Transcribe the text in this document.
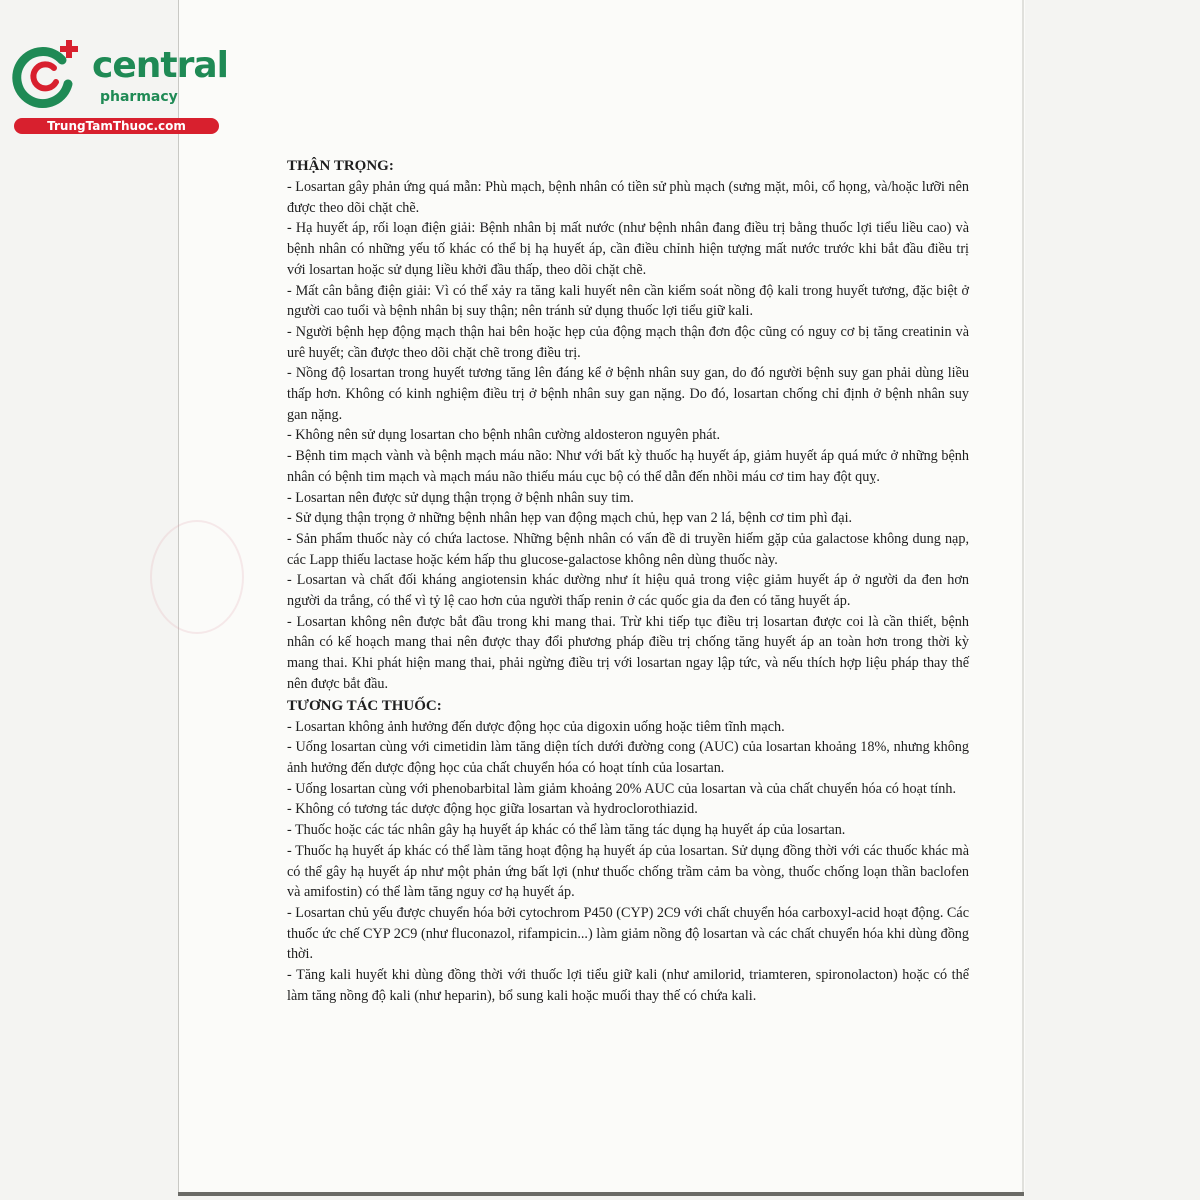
central
pharmacy
TrungTamThuoc.com
THẬN TRỌNG:

- Losartan gây phản ứng quá mẫn: Phù mạch, bệnh nhân có tiền sử phù mạch (sưng mặt, môi, cổ họng, và/hoặc lưỡi nên được theo dõi chặt chẽ.

- Hạ huyết áp, rối loạn điện giải: Bệnh nhân bị mất nước (như bệnh nhân đang điều trị bằng thuốc lợi tiểu liều cao) và bệnh nhân có những yếu tố khác có thể bị hạ huyết áp, cần điều chỉnh hiện tượng mất nước trước khi bắt đầu điều trị với losartan hoặc sử dụng liều khởi đầu thấp, theo dõi chặt chẽ.

- Mất cân bằng điện giải: Vì có thể xảy ra tăng kali huyết nên cần kiểm soát nồng độ kali trong huyết tương, đặc biệt ở người cao tuổi và bệnh nhân bị suy thận; nên tránh sử dụng thuốc lợi tiểu giữ kali.

- Người bệnh hẹp động mạch thận hai bên hoặc hẹp của động mạch thận đơn độc cũng có nguy cơ bị tăng creatinin và urê huyết; cần được theo dõi chặt chẽ trong điều trị.

- Nồng độ losartan trong huyết tương tăng lên đáng kể ở bệnh nhân suy gan, do đó người bệnh suy gan phải dùng liều thấp hơn. Không có kinh nghiệm điều trị ở bệnh nhân suy gan nặng. Do đó, losartan chống chỉ định ở bệnh nhân suy gan nặng.

- Không nên sử dụng losartan cho bệnh nhân cường aldosteron nguyên phát.

- Bệnh tim mạch vành và bệnh mạch máu não: Như với bất kỳ thuốc hạ huyết áp, giảm huyết áp quá mức ở những bệnh nhân có bệnh tim mạch và mạch máu não thiếu máu cục bộ có thể dẫn đến nhồi máu cơ tim hay đột quỵ.

- Losartan nên được sử dụng thận trọng ở bệnh nhân suy tim.

- Sử dụng thận trọng ở những bệnh nhân hẹp van động mạch chủ, hẹp van 2 lá, bệnh cơ tim phì đại.

- Sản phẩm thuốc này có chứa lactose. Những bệnh nhân có vấn đề di truyền hiếm gặp của galactose không dung nạp, các Lapp thiếu lactase hoặc kém hấp thu glucose-galactose không nên dùng thuốc này.

- Losartan và chất đối kháng angiotensin khác dường như ít hiệu quả trong việc giảm huyết áp ở người da đen hơn người da trắng, có thể vì tỷ lệ cao hơn của người thấp renin ở các quốc gia da đen có tăng huyết áp.

- Losartan không nên được bắt đầu trong khi mang thai. Trừ khi tiếp tục điều trị losartan được coi là cần thiết, bệnh nhân có kế hoạch mang thai nên được thay đổi phương pháp điều trị chống tăng huyết áp an toàn hơn trong thời kỳ mang thai. Khi phát hiện mang thai, phải ngừng điều trị với losartan ngay lập tức, và nếu thích hợp liệu pháp thay thế nên được bắt đầu.

TƯƠNG TÁC THUỐC:

- Losartan không ảnh hưởng đến dược động học của digoxin uống hoặc tiêm tĩnh mạch.

- Uống losartan cùng với cimetidin làm tăng diện tích dưới đường cong (AUC) của losartan khoảng 18%, nhưng không ảnh hưởng đến dược động học của chất chuyển hóa có hoạt tính của losartan.

- Uống losartan cùng với phenobarbital làm giảm khoảng 20% AUC của losartan và của chất chuyển hóa có hoạt tính.

- Không có tương tác dược động học giữa losartan và hydroclorothiazid.

- Thuốc hoặc các tác nhân gây hạ huyết áp khác có thể làm tăng tác dụng hạ huyết áp của losartan.

- Thuốc hạ huyết áp khác có thể làm tăng hoạt động hạ huyết áp của losartan. Sử dụng đồng thời với các thuốc khác mà có thể gây hạ huyết áp như một phản ứng bất lợi (như thuốc chống trầm cảm ba vòng, thuốc chống loạn thần baclofen và amifostin) có thể làm tăng nguy cơ hạ huyết áp.

- Losartan chủ yếu được chuyển hóa bởi cytochrom P450 (CYP) 2C9 với chất chuyển hóa carboxyl-acid hoạt động. Các thuốc ức chế CYP 2C9 (như fluconazol, rifampicin...) làm giảm nồng độ losartan và các chất chuyển hóa khi dùng đồng thời.

- Tăng kali huyết khi dùng đồng thời với thuốc lợi tiểu giữ kali (như amilorid, triamteren, spironolacton) hoặc có thể làm tăng nồng độ kali (như heparin), bổ sung kali hoặc muối thay thế có chứa kali.
